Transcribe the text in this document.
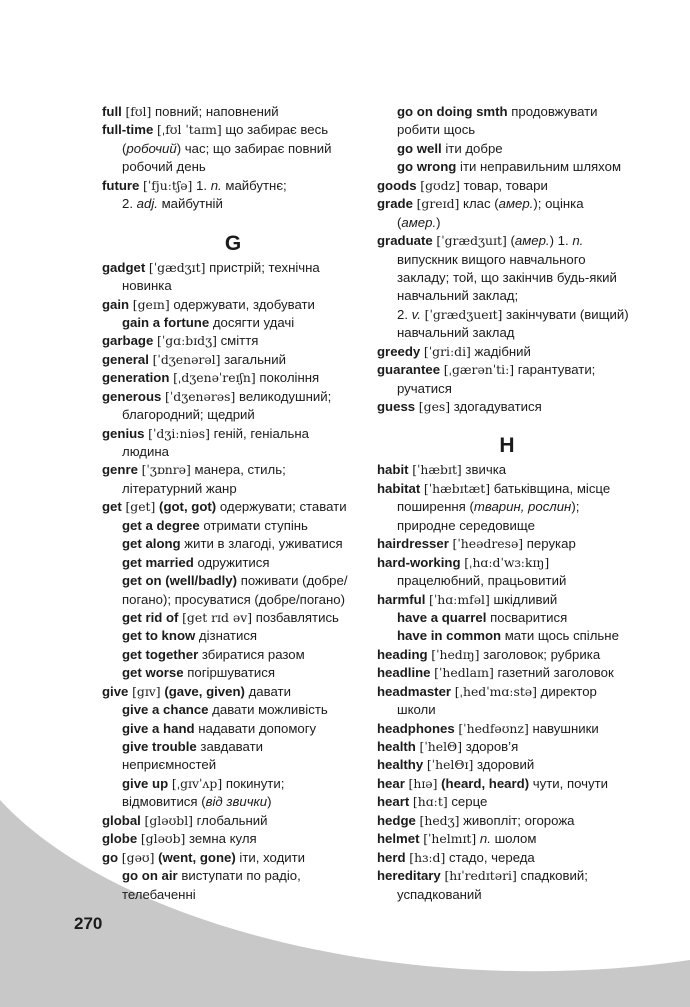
full [fʊl] повний; наповнений
full-time [ˌfʊl ˈtaɪm] що забирає весь
(робочий) час; що забирає повний
робочий день
future [ˈfjuːtʃə] 1. n. майбутнє;
2. adj. майбутній
G
gadget [ˈgædʒɪt] пристрій; технічна
новинка
gain [geɪn] одержувати, здобувати
gain a fortune досягти удачі
garbage [ˈgɑːbɪdʒ] сміття
general [ˈdʒenərəl] загальний
generation [ˌdʒenəˈreɪʃn] покоління
generous [ˈdʒenərəs] великодушний;
благородний; щедрий
genius [ˈdʒiːniəs] геній, геніальна
людина
genre [ˈʒɒnrə] манера, стиль;
літературний жанр
get [get] (got, got) одержувати; ставати
get a degree отримати ступінь
get along жити в злагоді, уживатися
get married одружитися
get on (well/badly) поживати (добре/
погано); просуватися (добре/погано)
get rid of [get rɪd əv] позбавлятись
get to know дізнатися
get together збиратися разом
get worse погіршуватися
give [gɪv] (gave, given) давати
give a chance давати можливість
give a hand надавати допомогу
give trouble завдавати
неприємностей
give up [ˌgɪvˈʌp] покинути;
відмовитися (від звички)
global [gləʊbl] глобальний
globe [gləʊb] земна куля
go [gəʊ] (went, gone) іти, ходити
go on air виступати по радіо,
телебаченні
go on doing smth продовжувати
робити щось
go well іти добре
go wrong іти неправильним шляхом
goods [gʊdz] товар, товари
grade [greɪd] клас (амер.); оцінка
(амер.)
graduate [ˈgrædʒuɪt] (амер.) 1. n.
випускник вищого навчального
закладу; той, що закінчив будь-який
навчальний заклад;
2. v. [ˈgrædʒueɪt] закінчувати (вищий)
навчальний заклад
greedy [ˈgriːdi] жадібний
guarantee [ˌgærənˈtiː] гарантувати;
ручатися
guess [ges] здогадуватися
H
habit [ˈhæbɪt] звичка
habitat [ˈhæbɪtæt] батьківщина, місце
поширення (тварин, рослин);
природне середовище
hairdresser [ˈheədresə] перукар
hard-working [ˌhɑːdˈwɜːkɪŋ]
працелюбний, працьовитий
harmful [ˈhɑːmfəl] шкідливий
have a quarrel посваритися
have in common мати щось спільне
heading [ˈhedɪŋ] заголовок; рубрика
headline [ˈhedlaɪn] газетний заголовок
headmaster [ˌhedˈmɑːstə] директор
школи
headphones [ˈhedfəʊnz] навушники
health [ˈhelΘ] здоров’я
healthy [ˈhelΘɪ] здоровий
hear [hɪə] (heard, heard) чути, почути
heart [hɑːt] серце
hedge [hedʒ] живопліт; огорожа
helmet [ˈhelmɪt] n. шолом
herd [hɜːd] стадо, череда
hereditary [hɪˈredɪtəri] спадковий;
успадкований
270
